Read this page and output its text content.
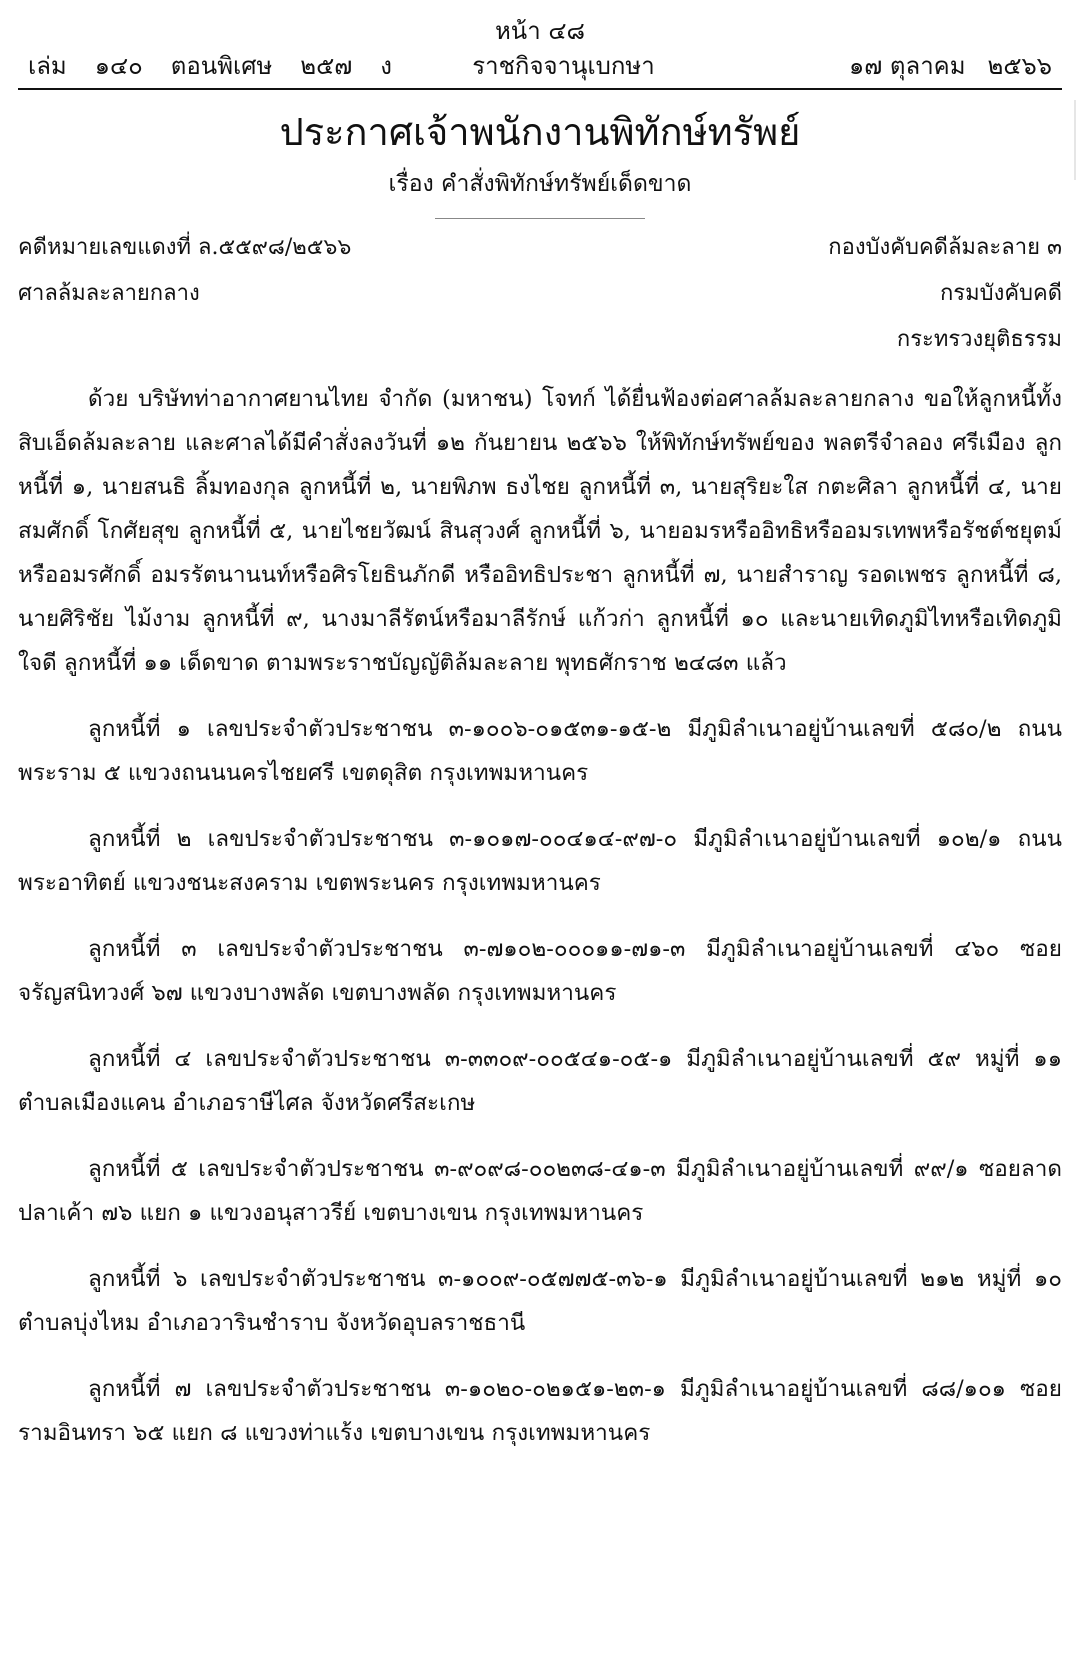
หน้า ๔๘
เล่ม ๑๔๐ ตอนพิเศษ ๒๕๗ ง	ราชกิจจานุเบกษา	๑๗ ตุลาคม ๒๕๖๖
ประกาศเจ้าพนักงานพิทักษ์ทรัพย์
เรื่อง คำสั่งพิทักษ์ทรัพย์เด็ดขาด
คดีหมายเลขแดงที่ ล.๕๕๙๘/๒๕๖๖	กองบังคับคดีล้มละลาย ๓
ศาลล้มละลายกลาง	กรมบังคับคดี
กระทรวงยุติธรรม

ด้วย บริษัทท่าอากาศยานไทย จำกัด (มหาชน) โจทก์ ได้ยื่นฟ้องต่อศาลล้มละลายกลาง ขอให้ลูกหนี้ทั้งสิบเอ็ดล้มละลาย และศาลได้มีคำสั่งลงวันที่ ๑๒ กันยายน ๒๕๖๖ ให้พิทักษ์ทรัพย์ของ พลตรีจำลอง ศรีเมือง ลูกหนี้ที่ ๑, นายสนธิ ลิ้มทองกุล ลูกหนี้ที่ ๒, นายพิภพ ธงไชย ลูกหนี้ที่ ๓, นายสุริยะใส กตะศิลา ลูกหนี้ที่ ๔, นายสมศักดิ์ โกศัยสุข ลูกหนี้ที่ ๕, นายไชยวัฒน์ สินสุวงศ์ ลูกหนี้ที่ ๖, นายอมรหรืออิทธิหรืออมรเทพหรือรัชต์ชยุตม์หรืออมรศักดิ์ อมรรัตนานนท์หรือศิรโยธินภักดี หรืออิทธิประชา ลูกหนี้ที่ ๗, นายสำราญ รอดเพชร ลูกหนี้ที่ ๘, นายศิริชัย ไม้งาม ลูกหนี้ที่ ๙, นางมาลีรัตน์หรือมาลีรักษ์ แก้วก่า ลูกหนี้ที่ ๑๐ และนายเทิดภูมิไทหรือเทิดภูมิ ใจดี ลูกหนี้ที่ ๑๑ เด็ดขาด ตามพระราชบัญญัติล้มละลาย พุทธศักราช ๒๔๘๓ แล้ว

ลูกหนี้ที่ ๑ เลขประจำตัวประชาชน ๓-๑๐๐๖-๐๑๕๓๑-๑๕-๒ มีภูมิลำเนาอยู่บ้านเลขที่ ๕๘๐/๒ ถนนพระราม ๕ แขวงถนนนครไชยศรี เขตดุสิต กรุงเทพมหานคร

ลูกหนี้ที่ ๒ เลขประจำตัวประชาชน ๓-๑๐๑๗-๐๐๔๑๔-๙๗-๐ มีภูมิลำเนาอยู่บ้านเลขที่ ๑๐๒/๑ ถนนพระอาทิตย์ แขวงชนะสงคราม เขตพระนคร กรุงเทพมหานคร

ลูกหนี้ที่ ๓ เลขประจำตัวประชาชน ๓-๗๑๐๒-๐๐๐๑๑-๗๑-๓ มีภูมิลำเนาอยู่บ้านเลขที่ ๔๖๐ ซอยจรัญสนิทวงศ์ ๖๗ แขวงบางพลัด เขตบางพลัด กรุงเทพมหานคร

ลูกหนี้ที่ ๔ เลขประจำตัวประชาชน ๓-๓๓๐๙-๐๐๕๔๑-๐๕-๑ มีภูมิลำเนาอยู่บ้านเลขที่ ๕๙ หมู่ที่ ๑๑ ตำบลเมืองแคน อำเภอราษีไศล จังหวัดศรีสะเกษ

ลูกหนี้ที่ ๕ เลขประจำตัวประชาชน ๓-๙๐๙๘-๐๐๒๓๘-๔๑-๓ มีภูมิลำเนาอยู่บ้านเลขที่ ๙๙/๑ ซอยลาดปลาเค้า ๗๖ แยก ๑ แขวงอนุสาวรีย์ เขตบางเขน กรุงเทพมหานคร

ลูกหนี้ที่ ๖ เลขประจำตัวประชาชน ๓-๑๐๐๙-๐๕๗๗๕-๓๖-๑ มีภูมิลำเนาอยู่บ้านเลขที่ ๒๑๒ หมู่ที่ ๑๐ ตำบลบุ่งไหม อำเภอวารินชำราบ จังหวัดอุบลราชธานี

ลูกหนี้ที่ ๗ เลขประจำตัวประชาชน ๓-๑๐๒๐-๐๒๑๕๑-๒๓-๑ มีภูมิลำเนาอยู่บ้านเลขที่ ๘๘/๑๐๑ ซอยรามอินทรา ๖๕ แยก ๘ แขวงท่าแร้ง เขตบางเขน กรุงเทพมหานคร
